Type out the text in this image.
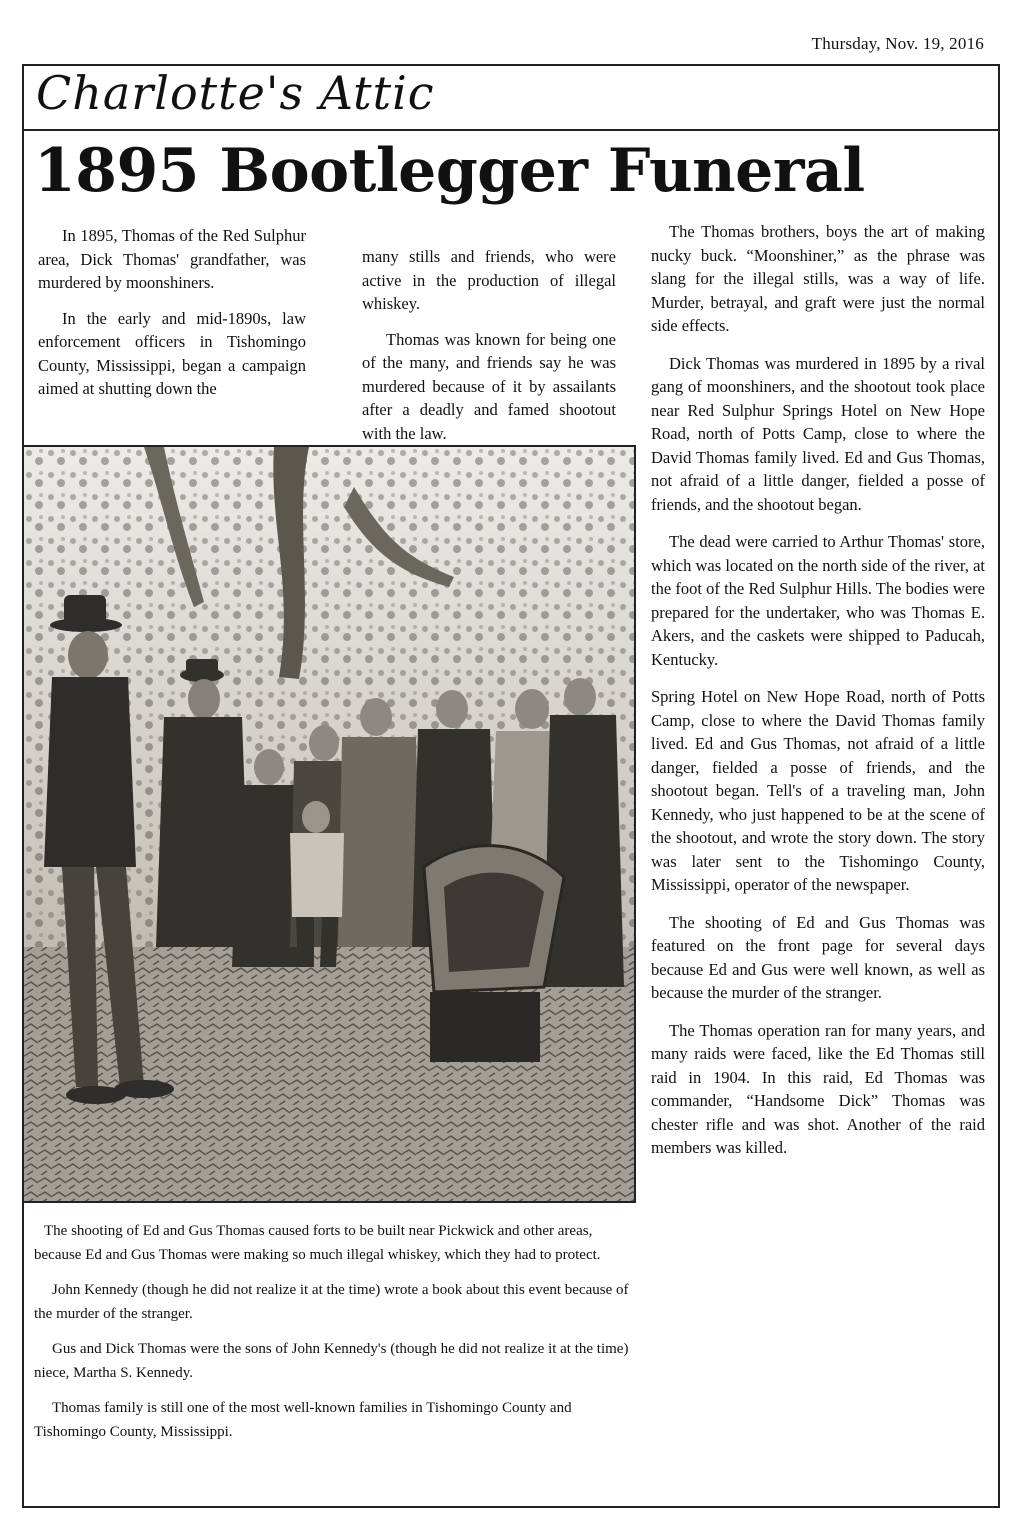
Thursday, Nov. 19, 2016
Charlotte's Attic
1895 Bootlegger Funeral

In 1895, Thomas of the Red Sulphur area, Dick Thomas' grandfather, was murdered by moonshiners.

In the early and mid-1890s, law enforcement officers in Tishomingo County, Mississippi, began a campaign aimed at shutting down the

many stills and friends, who were active in the production of illegal whiskey.

Thomas was known for being one of the many, and friends say he was murdered because of it by assailants after a deadly and famed shootout with the law.

The Thomas brothers, boys the art of making nucky buck. “Moonshiner,” as the phrase was slang for the illegal stills, was a way of life. Murder, betrayal, and graft were just the normal side effects.

Dick Thomas was murdered in 1895 by a rival gang of moonshiners, and the shootout took place near Red Sulphur Springs Hotel on New Hope Road, north of Potts Camp, close to where the David Thomas family lived. Ed and Gus Thomas, not afraid of a little danger, fielded a posse of friends, and the shootout began.

The dead were carried to Arthur Thomas' store, which was located on the north side of the river, at the foot of the Red Sulphur Hills. The bodies were prepared for the undertaker, who was Thomas E. Akers, and the caskets were shipped to Paducah, Kentucky.

Spring Hotel on New Hope Road, north of Potts Camp, close to where the David Thomas family lived. Ed and Gus Thomas, not afraid of a little danger, fielded a posse of friends, and the shootout began. Tell's of a traveling man, John Kennedy, who just happened to be at the scene of the shootout, and wrote the story down. The story was later sent to the Tishomingo County, Mississippi, operator of the newspaper.

The shooting of Ed and Gus Thomas was featured on the front page for several days because Ed and Gus were well known, as well as because the murder of the stranger.

The Thomas operation ran for many years, and many raids were faced, like the Ed Thomas still raid in 1904. In this raid, Ed Thomas was commander, “Handsome Dick” Thomas was chester rifle and was shot. Another of the raid members was killed.

The shooting of Ed and Gus Thomas caused forts to be built near Pickwick and other areas, because Ed and Gus Thomas were making so much illegal whiskey, which they had to protect.

John Kennedy (though he did not realize it at the time) wrote a book about this event because of the murder of the stranger.

Gus and Dick Thomas were the sons of John Kennedy's (though he did not realize it at the time) niece, Martha S. Kennedy.

Thomas family is still one of the most well-known families in Tishomingo County and Tishomingo County, Mississippi.
